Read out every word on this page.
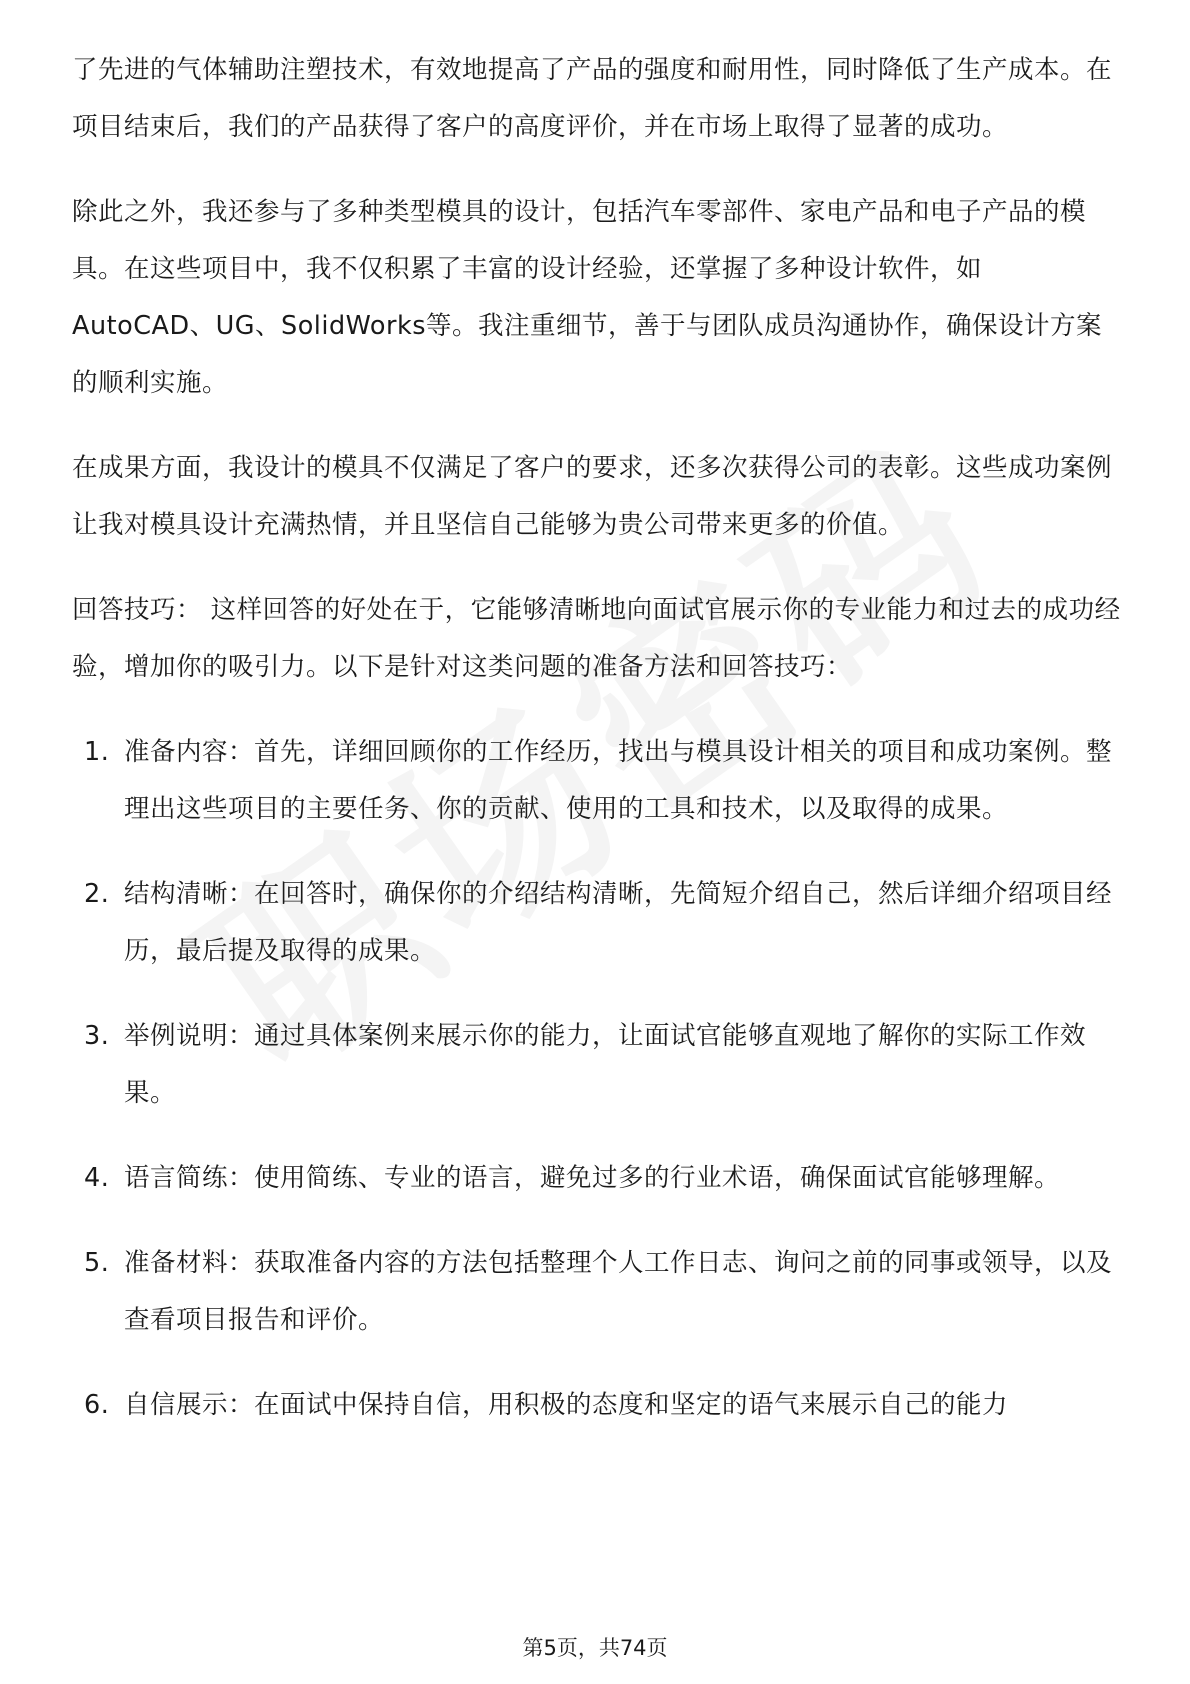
了先进的气体辅助注塑技术，有效地提高了产品的强度和耐用性，同时降低了生产成本。在项目结束后，我们的产品获得了客户的高度评价，并在市场上取得了显著的成功。

除此之外，我还参与了多种类型模具的设计，包括汽车零部件、家电产品和电子产品的模具。在这些项目中，我不仅积累了丰富的设计经验，还掌握了多种设计软件，如AutoCAD、UG、SolidWorks等。我注重细节，善于与团队成员沟通协作，确保设计方案的顺利实施。

在成果方面，我设计的模具不仅满足了客户的要求，还多次获得公司的表彰。这些成功案例让我对模具设计充满热情，并且坚信自己能够为贵公司带来更多的价值。

回答技巧： 这样回答的好处在于，它能够清晰地向面试官展示你的专业能力和过去的成功经验，增加你的吸引力。以下是针对这类问题的准备方法和回答技巧：

1. 准备内容：首先，详细回顾你的工作经历，找出与模具设计相关的项目和成功案例。整理出这些项目的主要任务、你的贡献、使用的工具和技术，以及取得的成果。
2. 结构清晰：在回答时，确保你的介绍结构清晰，先简短介绍自己，然后详细介绍项目经历，最后提及取得的成果。
3. 举例说明：通过具体案例来展示你的能力，让面试官能够直观地了解你的实际工作效果。
4. 语言简练：使用简练、专业的语言，避免过多的行业术语，确保面试官能够理解。
5. 准备材料：获取准备内容的方法包括整理个人工作日志、询问之前的同事或领导，以及查看项目报告和评价。
6. 自信展示：在面试中保持自信，用积极的态度和坚定的语气来展示自己的能力
第5页，共74页
